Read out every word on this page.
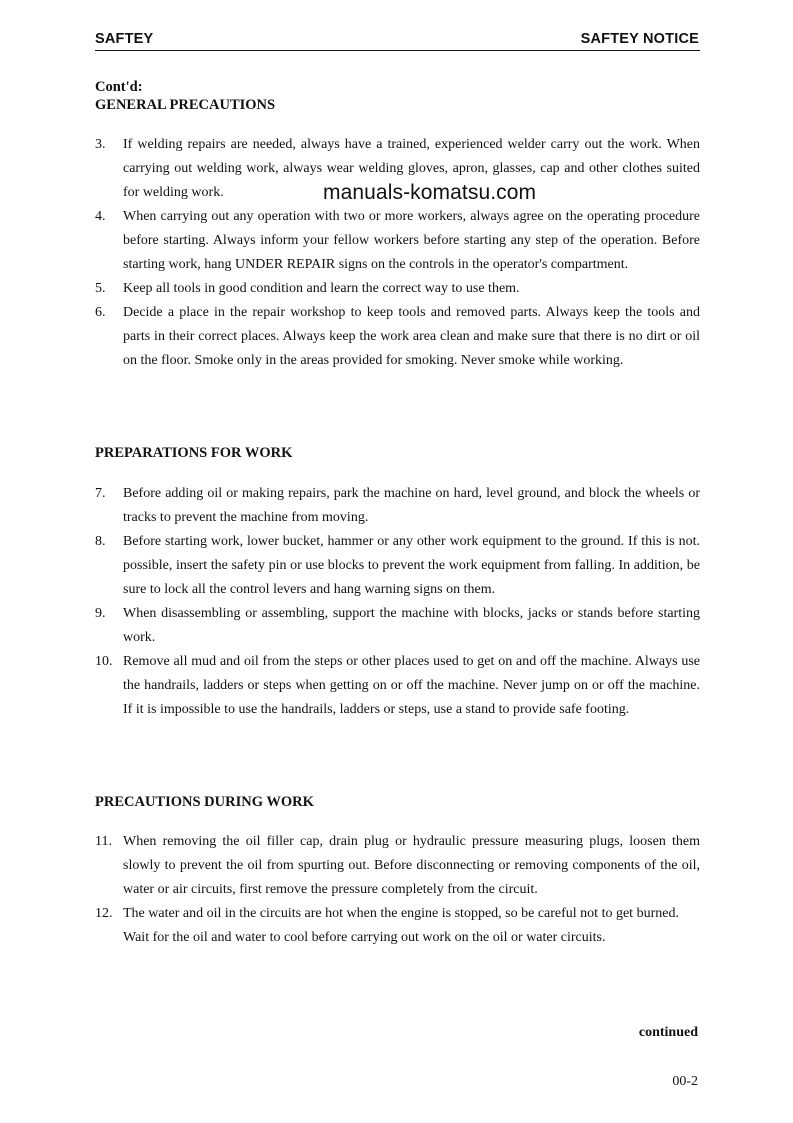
SAFTEY	SAFTEY NOTICE
Cont'd:
GENERAL PRECAUTIONS
3.	If welding repairs are needed, always have a trained, experienced welder carry out the work. When carrying out welding work, always wear welding gloves, apron, glasses, cap and other clothes suited for welding work.
4.	When carrying out any operation with two or more workers, always agree on the operating procedure before starting. Always inform your fellow workers before starting any step of the operation. Before starting work, hang UNDER REPAIR signs on the controls in the operator's compartment.
5.	Keep all tools in good condition and learn the correct way to use them.
6.	Decide a place in the repair workshop to keep tools and removed parts. Always keep the tools and parts in their correct places. Always keep the work area clean and make sure that there is no dirt or oil on the floor. Smoke only in the areas provided for smoking. Never smoke while working.
PREPARATIONS FOR WORK
7.	Before adding oil or making repairs, park the machine on hard, level ground, and block the wheels or tracks to prevent the machine from moving.
8.	Before starting work, lower bucket, hammer or any other work equipment to the ground. If this is not. possible, insert the safety pin or use blocks to prevent the work equipment from falling. In addition, be sure to lock all the control levers and hang warning signs on them.
9.	When disassembling or assembling, support the machine with blocks, jacks or stands before starting work.
10. Remove all mud and oil from the steps or other places used to get on and off the machine. Always use the handrails, ladders or steps when getting on or off the machine. Never jump on or off the machine. If it is impossible to use the handrails, ladders or steps, use a stand to provide safe footing.
PRECAUTIONS DURING WORK
11. When removing the oil filler cap, drain plug or hydraulic pressure measuring plugs, loosen them slowly to prevent the oil from spurting out. Before disconnecting or removing components of the oil, water or air circuits, first remove the pressure completely from the circuit.
12. The water and oil in the circuits are hot when the engine is stopped, so be careful not to get burned.
Wait for the oil and water to cool before carrying out work on the oil or water circuits.
manuals-komatsu.com
continued
00-2
